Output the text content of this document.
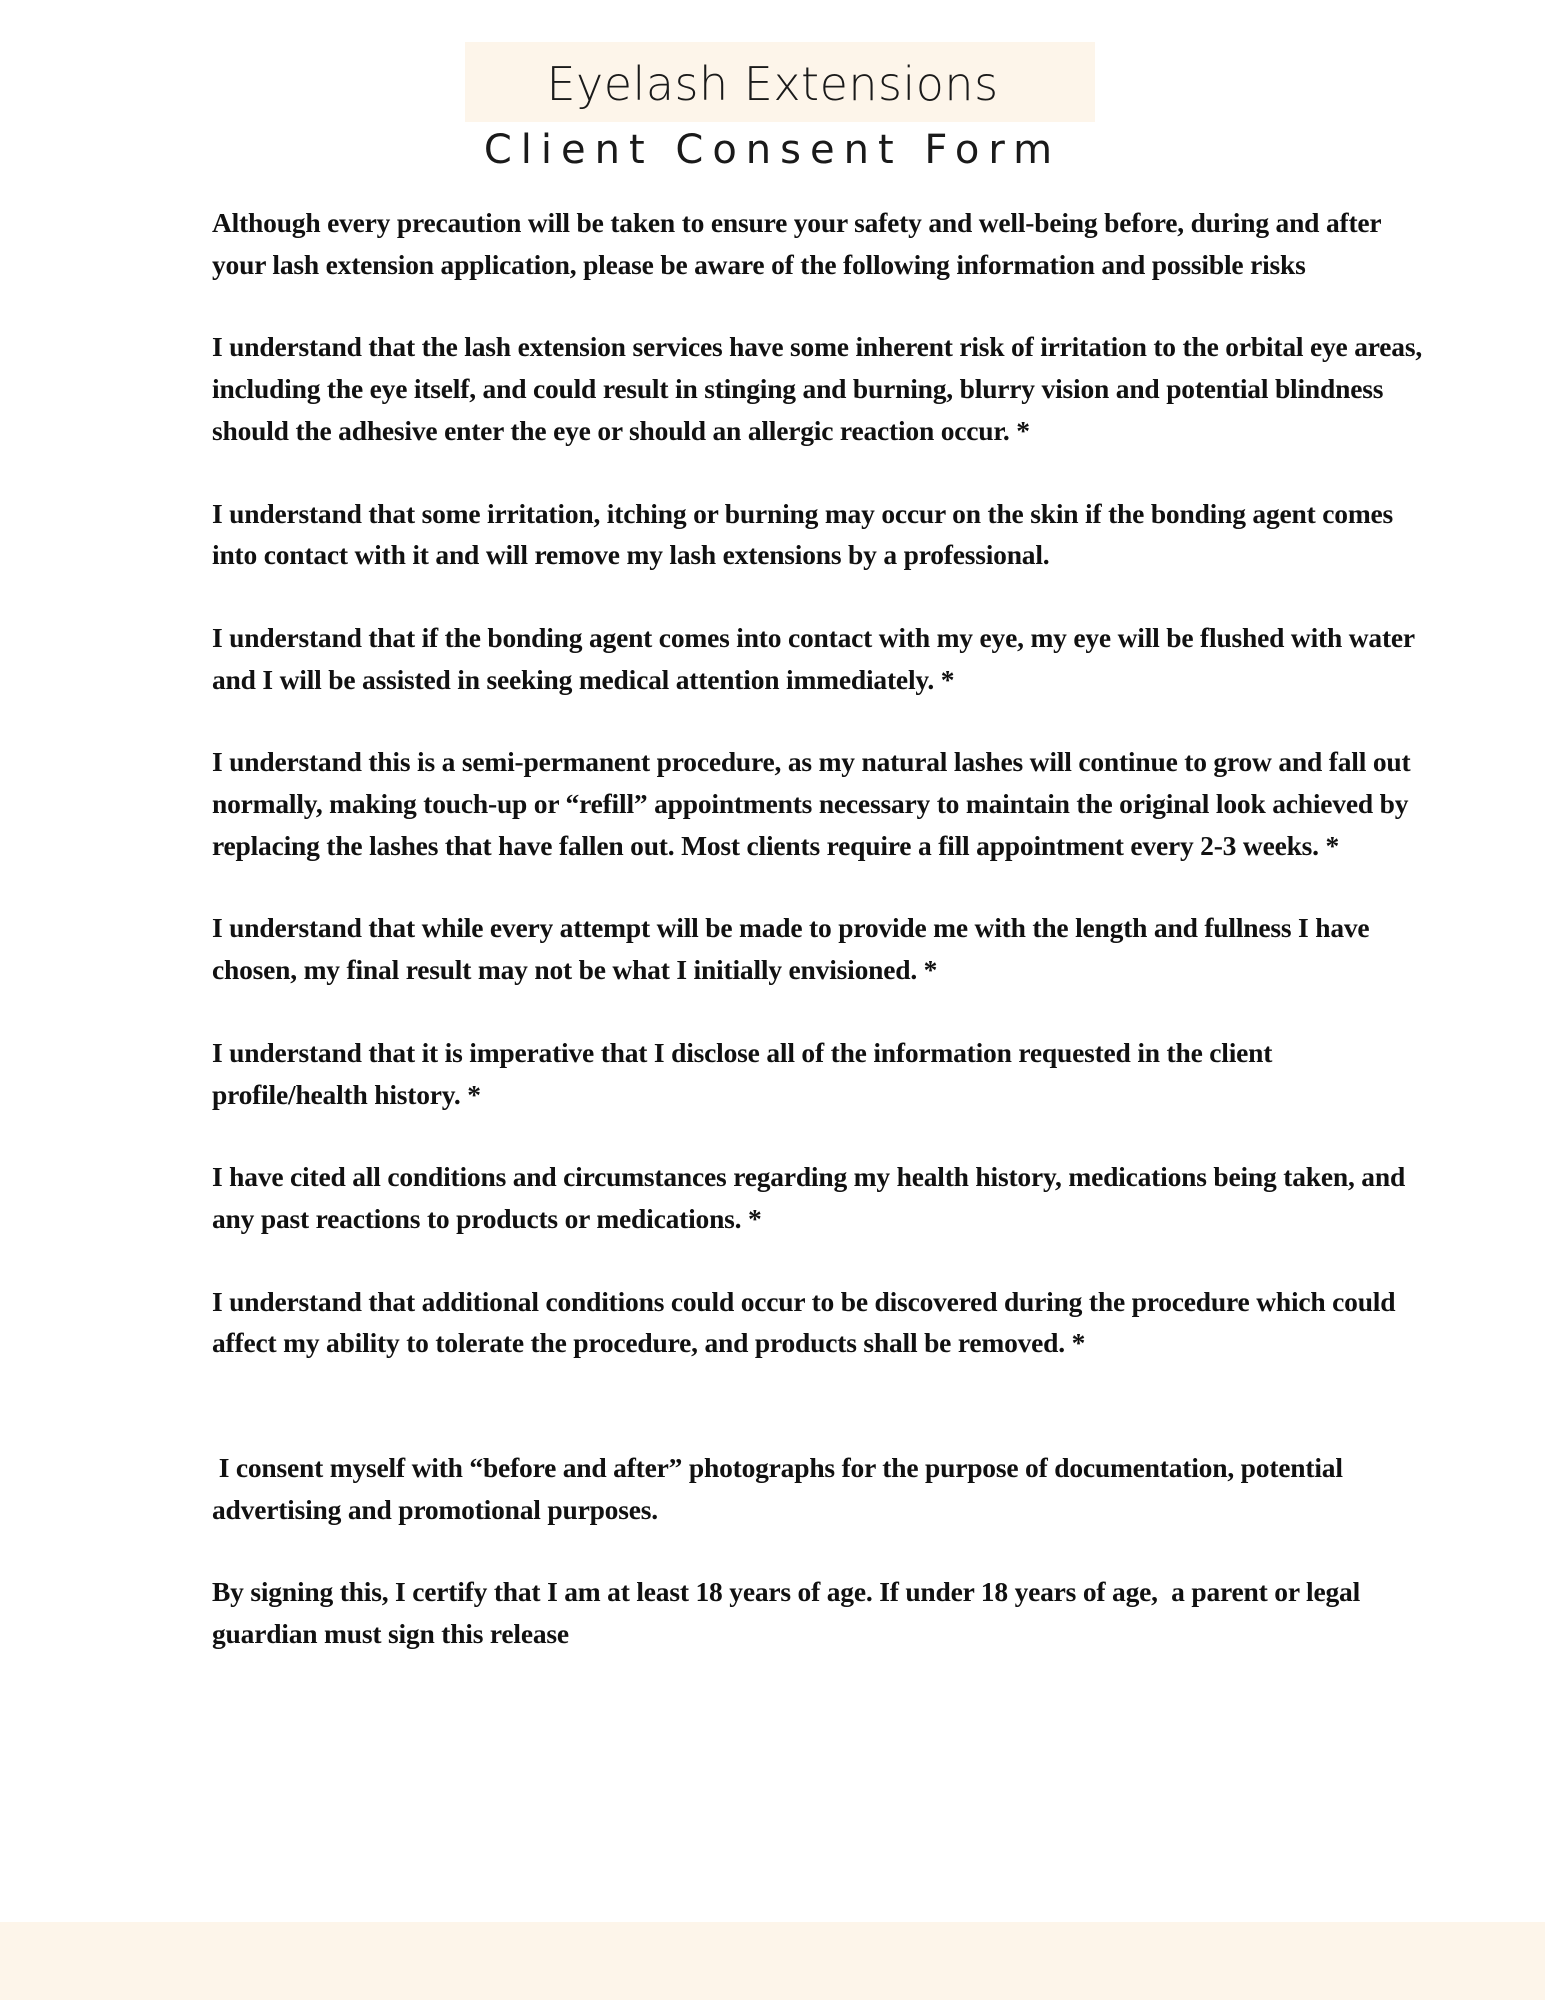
Eyelash Extensions
Client Consent Form

Although every precaution will be taken to ensure your safety and well-being before, during and after your lash extension application, please be aware of the following information and possible risks

I understand that the lash extension services have some inherent risk of irritation to the orbital eye areas, including the eye itself, and could result in stinging and burning, blurry vision and potential blindness should the adhesive enter the eye or should an allergic reaction occur. *

I understand that some irritation, itching or burning may occur on the skin if the bonding agent comes into contact with it and will remove my lash extensions by a professional.

I understand that if the bonding agent comes into contact with my eye, my eye will be flushed with water and I will be assisted in seeking medical attention immediately. *

I understand this is a semi-permanent procedure, as my natural lashes will continue to grow and fall out normally, making touch-up or “refill” appointments necessary to maintain the original look achieved by replacing the lashes that have fallen out. Most clients require a fill appointment every 2-3 weeks. *

I understand that while every attempt will be made to provide me with the length and fullness I have chosen, my final result may not be what I initially envisioned. *

I understand that it is imperative that I disclose all of the information requested in the client profile/health history. *

I have cited all conditions and circumstances regarding my health history, medications being taken, and any past reactions to products or medications. *

I understand that additional conditions could occur to be discovered during the procedure which could affect my ability to tolerate the procedure, and products shall be removed. *

I consent myself with “before and after” photographs for the purpose of documentation, potential advertising and promotional purposes.

By signing this, I certify that I am at least 18 years of age. If under 18 years of age,  a parent or legal guardian must sign this release
